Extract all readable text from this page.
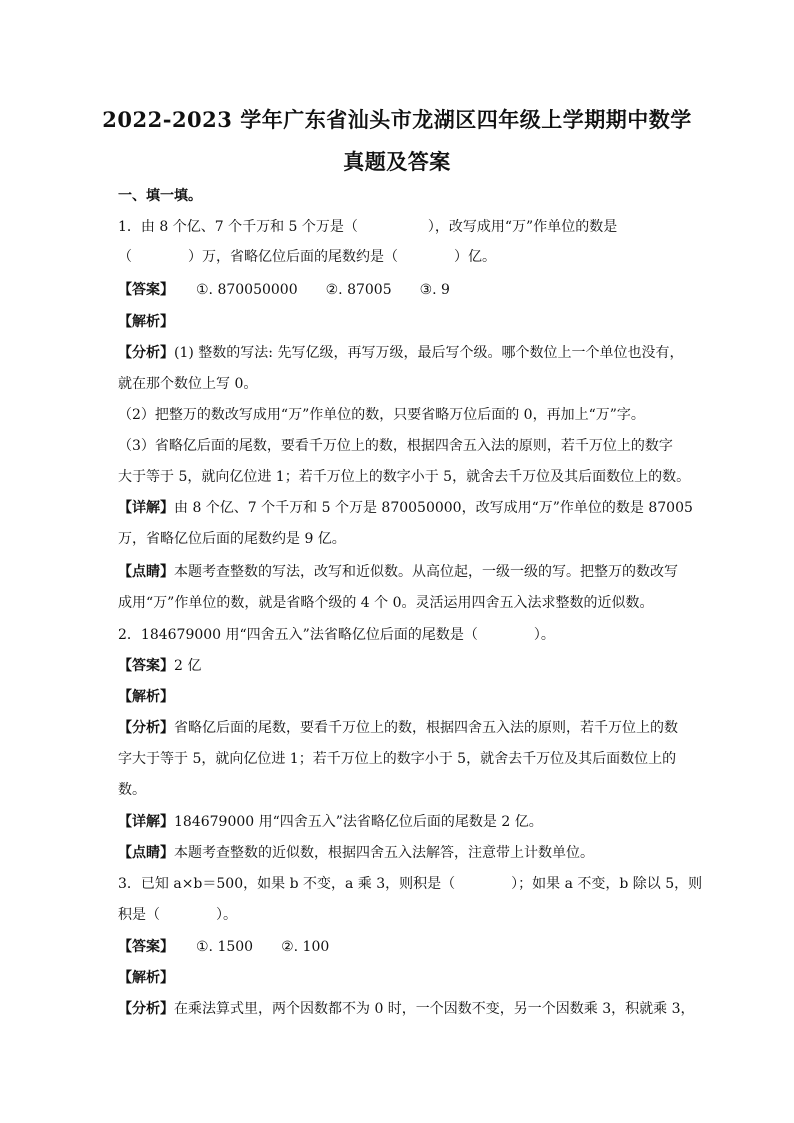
2022-2023 学年广东省汕头市龙湖区四年级上学期期中数学
真题及答案
一、填一填。
1．由 8 个亿、7 个千万和 5 个万是（　　　　　），改写成用“万”作单位的数是
（　　　　）万，省略亿位后面的尾数约是（　　　　）亿。
【答案】 ①. 870050000　　②. 87005　　③. 9
【解析】
【分析】(1) 整数的写法: 先写亿级，再写万级，最后写个级。哪个数位上一个单位也没有，
就在那个数位上写 0。
（2）把整万的数改写成用“万”作单位的数，只要省略万位后面的 0，再加上“万”字。
（3）省略亿后面的尾数，要看千万位上的数，根据四舍五入法的原则，若千万位上的数字
大于等于 5，就向亿位进 1；若千万位上的数字小于 5，就舍去千万位及其后面数位上的数。
【详解】由 8 个亿、7 个千万和 5 个万是 870050000，改写成用“万”作单位的数是 87005
万，省略亿位后面的尾数约是 9 亿。
【点睛】本题考查整数的写法，改写和近似数。从高位起，一级一级的写。把整万的数改写
成用“万”作单位的数，就是省略个级的 4 个 0。灵活运用四舍五入法求整数的近似数。
2．184679000 用“四舍五入”法省略亿位后面的尾数是（　　　　）。
【答案】2 亿
【解析】
【分析】省略亿后面的尾数，要看千万位上的数，根据四舍五入法的原则，若千万位上的数
字大于等于 5，就向亿位进 1；若千万位上的数字小于 5，就舍去千万位及其后面数位上的
数。
【详解】184679000 用“四舍五入”法省略亿位后面的尾数是 2 亿。
【点睛】本题考查整数的近似数，根据四舍五入法解答，注意带上计数单位。
3．已知 a×b＝500，如果 b 不变，a 乘 3，则积是（　　　　）；如果 a 不变，b 除以 5，则
积是（　　　　）。
【答案】 ①. 1500　　②. 100
【解析】
【分析】在乘法算式里，两个因数都不为 0 时，一个因数不变，另一个因数乘 3，积就乘 3，
